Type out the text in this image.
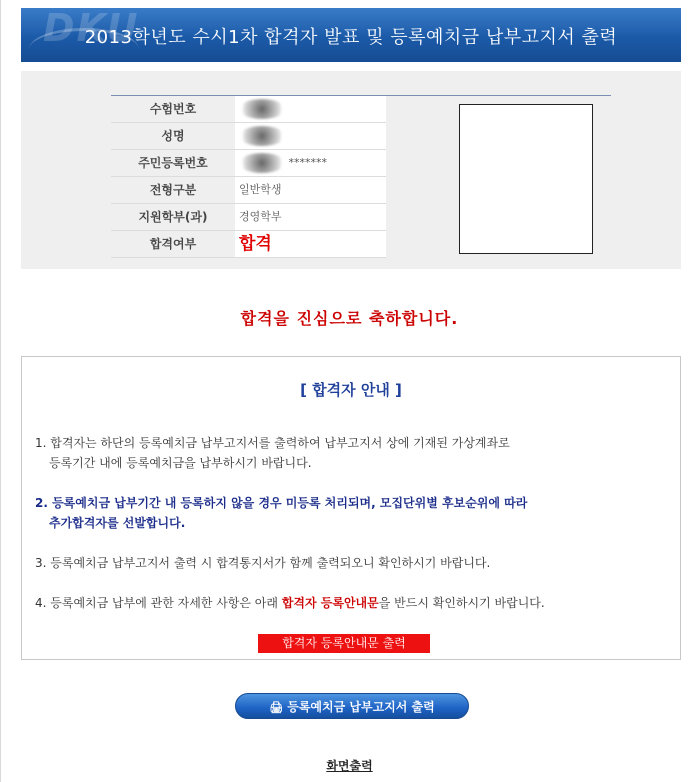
DKU
2013학년도 수시1차 합격자 발표 및 등록예치금 납부고지서 출력
수험번호
성명
주민등록번호	*******
전형구분	일반학생
지원학부(과)	경영학부
합격여부	합격
합격을 진심으로 축하합니다.
[ 합격자 안내 ]
1. 합격자는 하단의 등록예치금 납부고지서를 출력하여 납부고지서 상에 기재된 가상계좌로
등록기간 내에 등록예치금을 납부하시기 바랍니다.
2. 등록예치금 납부기간 내 등록하지 않을 경우 미등록 처리되며, 모집단위별 후보순위에 따라
추가합격자를 선발합니다.
3. 등록예치금 납부고지서 출력 시 합격통지서가 함께 출력되오니 확인하시기 바랍니다.
4. 등록예치금 납부에 관한 자세한 사항은 아래 합격자 등록안내문을 반드시 확인하시기 바랍니다.
합격자 등록안내문 출력
🖨 등록예치금 납부고지서 출력
화면출력
